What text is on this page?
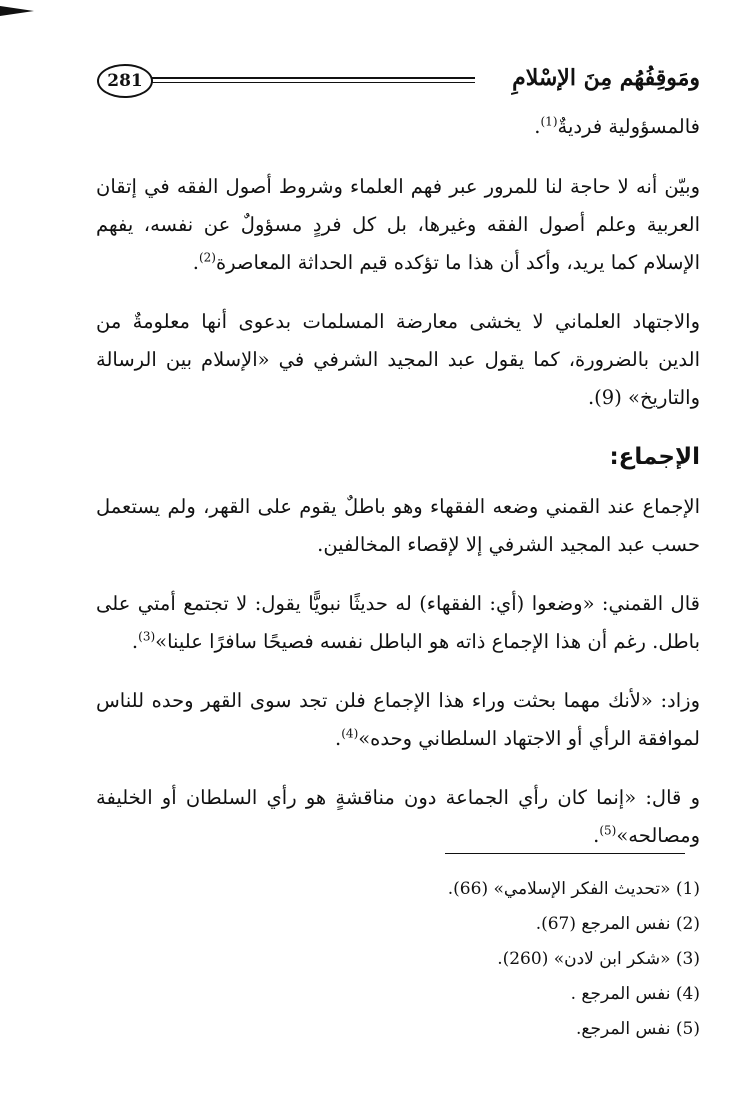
281	ومَوقِفُهُم مِنَ الإسْلامِ

فالمسؤولية فرديةٌ$^{(1)}$.

وبيّن أنه لا حاجة لنا للمرور عبر فهم العلماء وشروط أصول الفقه في إتقان العربية وعلم أصول الفقه وغيرها، بل كل فردٍ مسؤولٌ عن نفسه، يفهم الإسلام كما يريد، وأكد أن هذا ما تؤكده قيم الحداثة المعاصرة$^{(2)}$.

والاجتهاد العلماني لا يخشى معارضة المسلمات بدعوى أنها معلومةٌ من الدين بالضرورة، كما يقول عبد المجيد الشرفي في «الإسلام بين الرسالة والتاريخ» (9).

الإجماع:

الإجماع عند القمني وضعه الفقهاء وهو باطلٌ يقوم على القهر، ولم يستعمل حسب عبد المجيد الشرفي إلا لإقصاء المخالفين.

قال القمني: «وضعوا (أي: الفقهاء) له حديثًا نبويًّا يقول: لا تجتمع أمتي على باطل. رغم أن هذا الإجماع ذاته هو الباطل نفسه فصيحًا سافرًا علينا»$^{(3)}$.

وزاد: «لأنك مهما بحثت وراء هذا الإجماع فلن تجد سوى القهر وحده للناس لموافقة الرأي أو الاجتهاد السلطاني وحده»$^{(4)}$.

و قال: «إنما كان رأي الجماعة دون مناقشةٍ هو رأي السلطان أو الخليفة ومصالحه»$^{(5)}$.

(1) «تحديث الفكر الإسلامي» (66).
(2) نفس المرجع (67).
(3) «شكر ابن لادن» (260).
(4) نفس المرجع .
(5) نفس المرجع.
